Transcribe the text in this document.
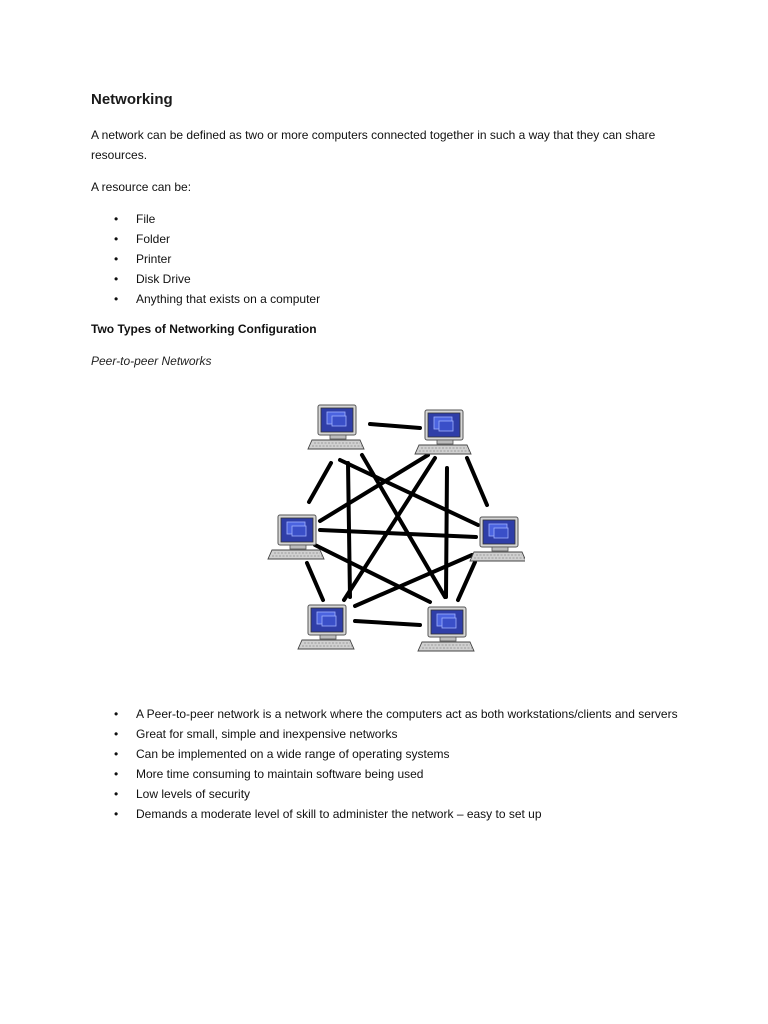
Networking

A network can be defined as two or more computers connected together in such a way that they can share resources.

A resource can be:

• File
• Folder
• Printer
• Disk Drive
• Anything that exists on a computer

Two Types of Networking Configuration

Peer-to-peer Networks

• A Peer-to-peer network is a network where the computers act as both workstations/clients and servers
• Great for small, simple and inexpensive networks
• Can be implemented on a wide range of operating systems
• More time consuming to maintain software being used
• Low levels of security
• Demands a moderate level of skill to administer the network – easy to set up
